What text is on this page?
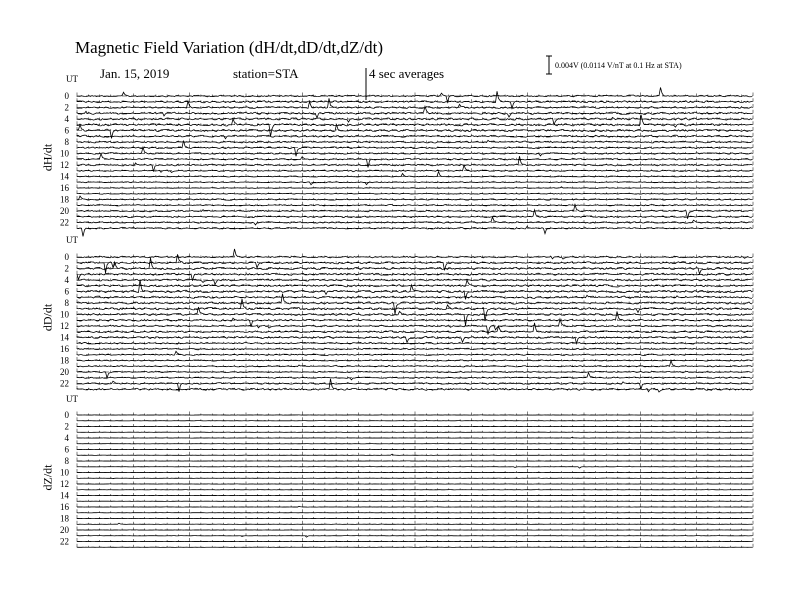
0
2
4
6
8
10
12
14
16
18
20
22
0
2
4
6
8
10
12
14
16
18
20
22
0
2
4
6
8
10
12
14
16
18
20
22
Magnetic Field Variation (dH/dt,dD/dt,dZ/dt)
Jan. 15, 2019	station=STA	4 sec averages
0.004V (0.0114 V/nT at 0.1 Hz at STA)
UT
UT
UT
dH/dt
dD/dt
dZ/dt
